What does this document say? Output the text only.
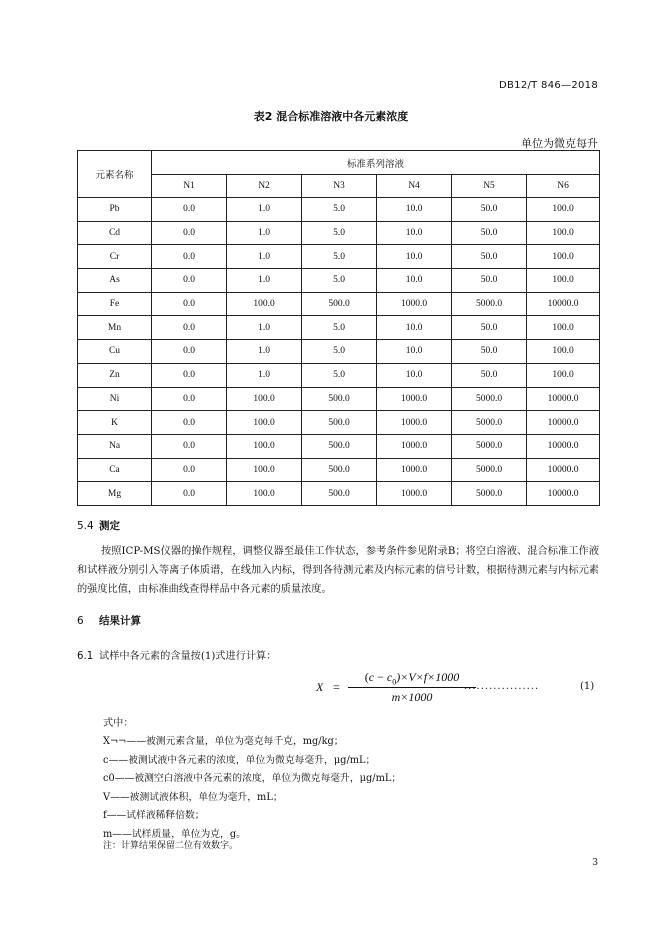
DB12/T 846—2018
表2 混合标准溶液中各元素浓度
单位为微克每升
元素名称	标准系列溶液					
	N1	N2	N3	N4	N5	N6
Pb	0.0	1.0	5.0	10.0	50.0	100.0
Cd	0.0	1.0	5.0	10.0	50.0	100.0
Cr	0.0	1.0	5.0	10.0	50.0	100.0
As	0.0	1.0	5.0	10.0	50.0	100.0
Fe	0.0	100.0	500.0	1000.0	5000.0	10000.0
Mn	0.0	1.0	5.0	10.0	50.0	100.0
Cu	0.0	1.0	5.0	10.0	50.0	100.0
Zn	0.0	1.0	5.0	10.0	50.0	100.0
Ni	0.0	100.0	500.0	1000.0	5000.0	10000.0
K	0.0	100.0	500.0	1000.0	5000.0	10000.0
Na	0.0	100.0	500.0	1000.0	5000.0	10000.0
Ca	0.0	100.0	500.0	1000.0	5000.0	10000.0
Mg	0.0	100.0	500.0	1000.0	5000.0	10000.0
5.4 测定
按照ICP-MS仪器的操作规程，调整仪器至最佳工作状态，参考条件参见附录B；将空白溶液、混合标准工作液和试样液分别引入等离子体质谱，在线加入内标，得到各待测元素及内标元素的信号计数，根据待测元素与内标元素的强度比值，由标准曲线查得样品中各元素的质量浓度。
6 结果计算
6.1 试样中各元素的含量按(1)式进行计算：
X =
$(c - c_0)\times V\times f\times 1000$
m×1000
..................	(1)
式中：
X¬¬——被测元素含量，单位为毫克每千克，mg/kg；
c——被测试液中各元素的浓度，单位为微克每毫升，μg/mL；
c0——被测空白溶液中各元素的浓度，单位为微克每毫升，μg/mL；
V——被测试液体积，单位为毫升，mL；
f——试样液稀释倍数；
m——试样质量，单位为克，g。
注：计算结果保留二位有效数字。
3
